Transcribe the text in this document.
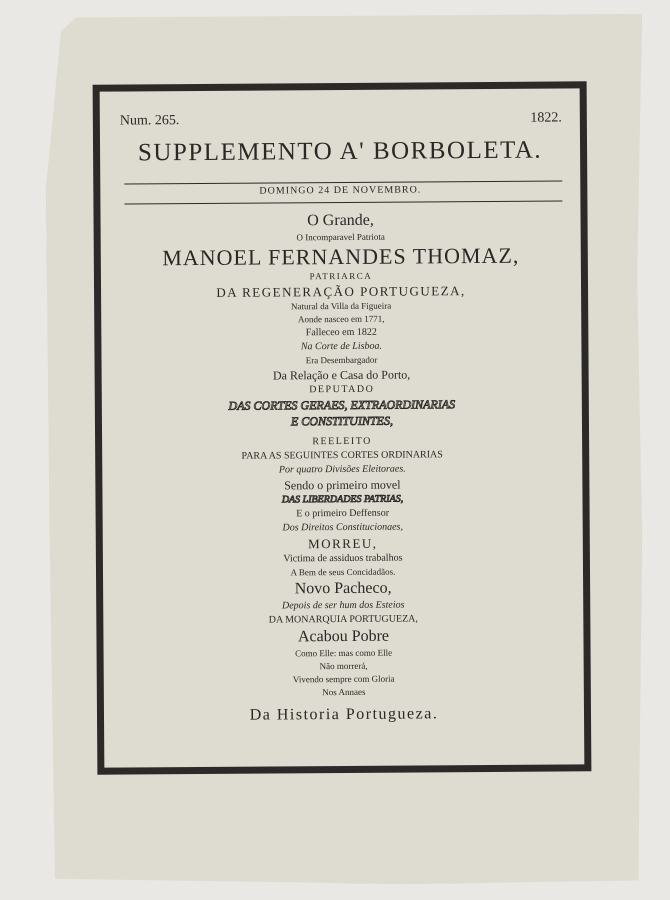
Num. 265.	1822.
SUPPLEMENTO A' BORBOLETA.
DOMINGO 24 DE NOVEMBRO.
O Grande,
O Incomparavel Patriota
MANOEL FERNANDES THOMAZ,
PATRIARCA
DA REGENERAÇÃO PORTUGUEZA,
Natural da Villa da Figueira
Aonde nasceo em 1771,
Falleceo em 1822
Na Corte de Lisboa.
Era Desembargador
Da Relação e Casa do Porto,
DEPUTADO
DAS CORTES GERAES, EXTRAORDINARIAS
E CONSTITUINTES,
REELEITO
PARA AS SEGUINTES CORTES ORDINARIAS
Por quatro Divisões Eleitoraes.
Sendo o primeiro movel
DAS LIBERDADES PATRIAS,
E o primeiro Deffensor
Dos Direitos Constitucionaes,
MORREU,
Victima de assiduos trabalhos
A Bem de seus Concidadãos.
Novo Pacheco,
Depois de ser hum dos Esteios
DA MONARQUIA PORTUGUEZA,
Acabou Pobre
Como Elle: mas como Elle
Não morrerá,
Vivendo sempre com Gloria
Nos Annaes
Da Historia Portugueza.
